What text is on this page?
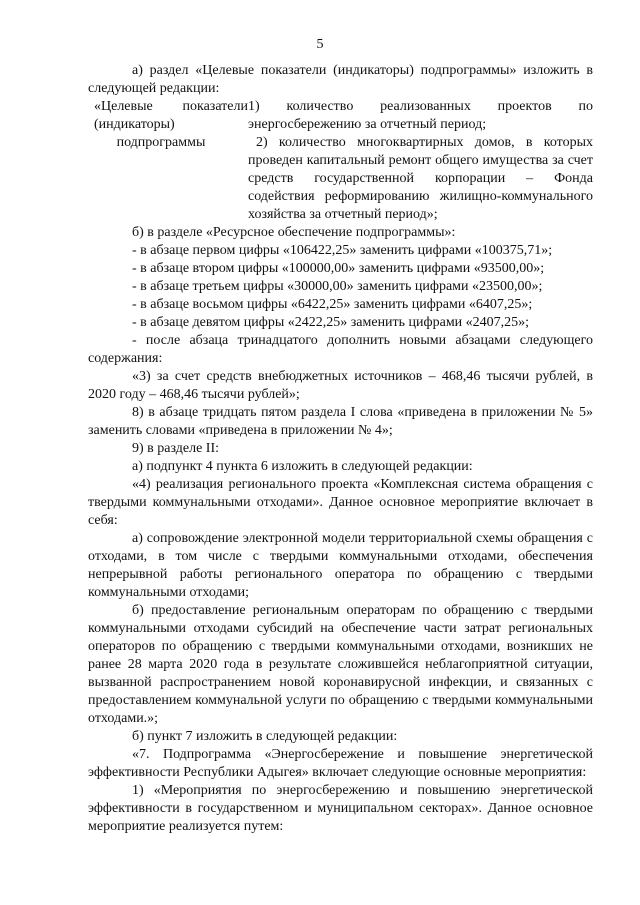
5

а) раздел «Целевые показатели (индикаторы) подпрограммы» изложить в следующей редакции:

«Целевые показатели
(индикаторы)
подпрограммы

1) количество реализованных проектов по энергосбережению за отчетный период;

2) количество многоквартирных домов, в которых проведен капитальный ремонт общего имущества за счет средств государственной корпорации – Фонда содействия реформированию жилищно-коммунального хозяйства за отчетный период»;

б) в разделе «Ресурсное обеспечение подпрограммы»:

- в абзаце первом цифры «106422,25» заменить цифрами «100375,71»;

- в абзаце втором цифры «100000,00» заменить цифрами «93500,00»;

- в абзаце третьем цифры «30000,00» заменить цифрами «23500,00»;

- в абзаце восьмом цифры «6422,25» заменить цифрами «6407,25»;

- в абзаце девятом цифры «2422,25» заменить цифрами «2407,25»;

- после абзаца тринадцатого дополнить новыми абзацами следующего содержания:

«3) за счет средств внебюджетных источников – 468,46 тысячи рублей, в 2020 году – 468,46 тысячи рублей»;

8) в абзаце тридцать пятом раздела I слова «приведена в приложении № 5» заменить словами «приведена в приложении № 4»;

9) в разделе II:

а) подпункт 4 пункта 6 изложить в следующей редакции:

«4) реализация регионального проекта «Комплексная система обращения с твердыми коммунальными отходами». Данное основное мероприятие включает в себя:

а) сопровождение электронной модели территориальной схемы обращения с отходами, в том числе с твердыми коммунальными отходами, обеспечения непрерывной работы регионального оператора по обращению с твердыми коммунальными отходами;

б) предоставление региональным операторам по обращению с твердыми коммунальными отходами субсидий на обеспечение части затрат региональных операторов по обращению с твердыми коммунальными отходами, возникших не ранее 28 марта 2020 года в результате сложившейся неблагоприятной ситуации, вызванной распространением новой коронавирусной инфекции, и связанных с предоставлением коммунальной услуги по обращению с твердыми коммунальными отходами.»;

б) пункт 7 изложить в следующей редакции:

«7. Подпрограмма «Энергосбережение и повышение энергетической эффективности Республики Адыгея» включает следующие основные мероприятия:

1) «Мероприятия по энергосбережению и повышению энергетической эффективности в государственном и муниципальном секторах». Данное основное мероприятие реализуется путем:
